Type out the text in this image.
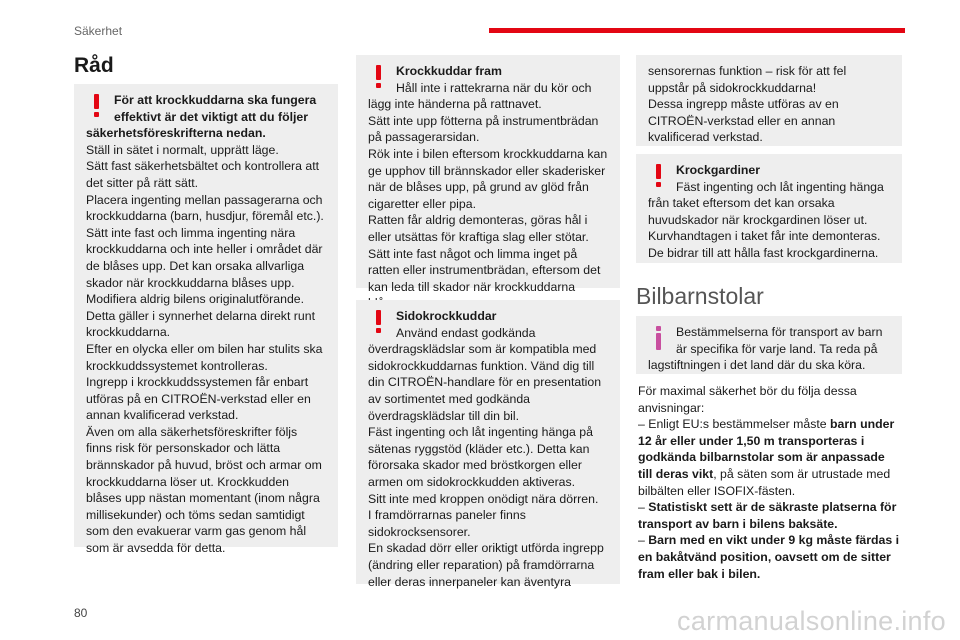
Säkerhet
Råd
För att krockkuddarna ska fungera effektivt är det viktigt att du följer säkerhetsföreskrifterna nedan.
Ställ in sätet i normalt, upprätt läge.
Sätt fast säkerhetsbältet och kontrollera att det sitter på rätt sätt.
Placera ingenting mellan passagerarna och krockkuddarna (barn, husdjur, föremål etc.). Sätt inte fast och limma ingenting nära krockkuddarna och inte heller i området där de blåses upp. Det kan orsaka allvarliga skador när krockkuddarna blåses upp.
Modifiera aldrig bilens originalutförande. Detta gäller i synnerhet delarna direkt runt krockkuddarna.
Efter en olycka eller om bilen har stulits ska krockkuddssystemet kontrolleras.
Ingrepp i krockkuddssystemen får enbart utföras på en CITROËN-verkstad eller en annan kvalificerad verkstad.
Även om alla säkerhetsföreskrifter följs finns risk för personskador och lätta brännskador på huvud, bröst och armar om krockkuddarna löser ut. Krockkudden blåses upp nästan momentant (inom några millisekunder) och töms sedan samtidigt som den evakuerar varm gas genom hål som är avsedda för detta.
Krockkuddar fram
Håll inte i rattekrarna när du kör och lägg inte händerna på rattnavet.
Sätt inte upp fötterna på instrumentbrädan på passagerarsidan.
Rök inte i bilen eftersom krockkuddarna kan ge upphov till brännskador eller skaderisker när de blåses upp, på grund av glöd från cigaretter eller pipa.
Ratten får aldrig demonteras, göras hål i eller utsättas för kraftiga slag eller stötar.
Sätt inte fast något och limma inget på ratten eller instrumentbrädan, eftersom det kan leda till skador när krockkuddarna
Sidokrockkuddar
Använd endast godkända överdragsklädslar som är kompatibla med sidokrockkuddarnas funktion. Vänd dig till din CITROËN-handlare för en presentation av sortimentet med godkända överdragsklädslar till din bil.
Fäst ingenting och låt ingenting hänga på sätenas ryggstöd (kläder etc.). Detta kan förorsaka skador med bröstkorgen eller armen om sidokrockkudden aktiveras.
Sitt inte med kroppen onödigt nära dörren.
I framdörrarnas paneler finns sidokrocksensorer.
En skadad dörr eller oriktigt utförda ingrepp (ändring eller reparation) på framdörrarna eller deras innerpaneler kan äventyra
sensorernas funktion – risk för att fel uppstår på sidokrockkuddarna!
Dessa ingrepp måste utföras av en CITROËN-verkstad eller en annan kvalificerad verkstad.
Krockgardiner
Fäst ingenting och låt ingenting hänga från taket eftersom det kan orsaka huvudskador när krockgardinen löser ut.
Kurvhandtagen i taket får inte demonteras. De bidrar till att hålla fast krockgardinerna.
Bilbarnstolar
Bestämmelserna för transport av barn är specifika för varje land. Ta reda på lagstiftningen i det land där du ska köra.
För maximal säkerhet bör du följa dessa anvisningar:
– Enligt EU:s bestämmelser måste barn under 12 år eller under 1,50 m transporteras i godkända bilbarnstolar som är anpassade till deras vikt, på säten som är utrustade med bilbälten eller ISOFIX-fästen.
– Statistiskt sett är de säkraste platserna för transport av barn i bilens baksäte.
– Barn med en vikt under 9 kg måste färdas i en bakåtvänd position, oavsett om de sitter fram eller bak i bilen.
80	carmanualsonline.info
